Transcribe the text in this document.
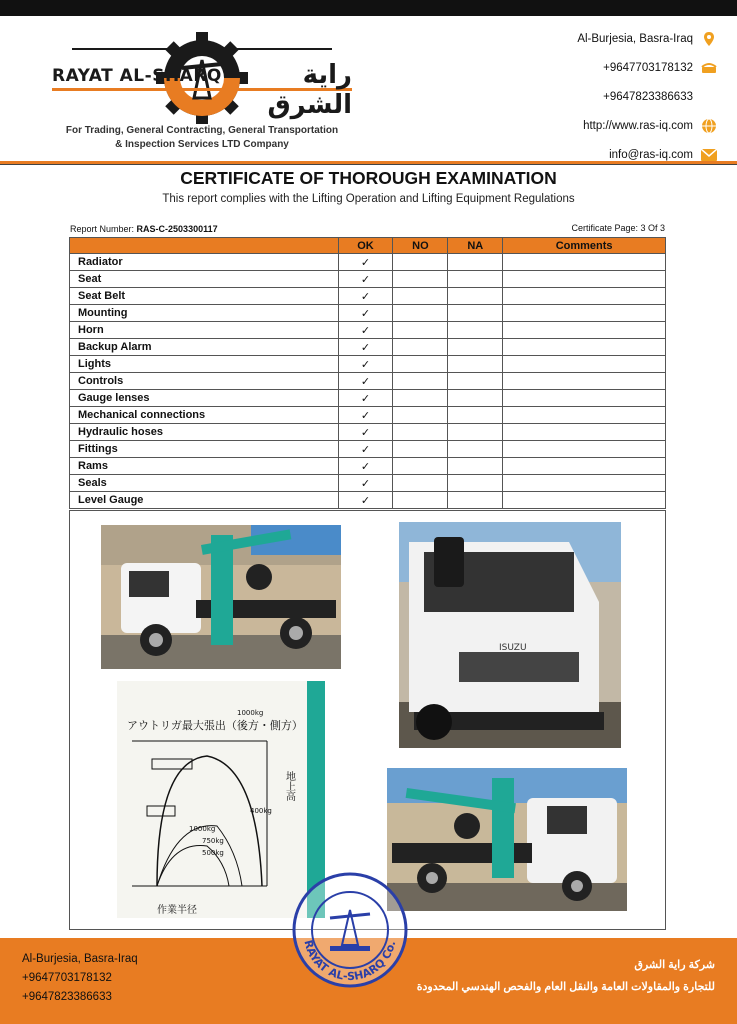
RAYAT AL-SHARQ	راية الشرق
For Trading, General Contracting, General Transportation
& Inspection Services LTD Company
Al-Burjesia, Basra-Iraq
+9647703178132
+9647823386633
http://www.ras-iq.com
info@ras-iq.com
CERTIFICATE OF THOROUGH EXAMINATION
This report complies with the Lifting Operation and Lifting Equipment Regulations
Report Number: RAS-C-2503300117	Certificate Page: 3 Of 3
	OK	NO	NA	Comments
Radiator	✓			
Seat	✓			
Seat Belt	✓			
Mounting	✓			
Horn	✓			
Backup Alarm	✓			
Lights	✓			
Controls	✓			
Gauge lenses	✓			
Mechanical connections	✓			
Hydraulic hoses	✓			
Fittings	✓			
Rams	✓			
Seals	✓			
Level Gauge	✓			
ISUZU
アウトリガ最大張出（後方・側方）
1000kg
400kg
1000kg
750kg
500kg
地上高
作業半径
Al-Burjesia, Basra-Iraq
+9647703178132
+9647823386633
شركة راية الشرق
للتجارة والمقاولات العامة والنقل العام والفحص الهندسي المحدودة
RAYAT AL-SHARQ Co.
